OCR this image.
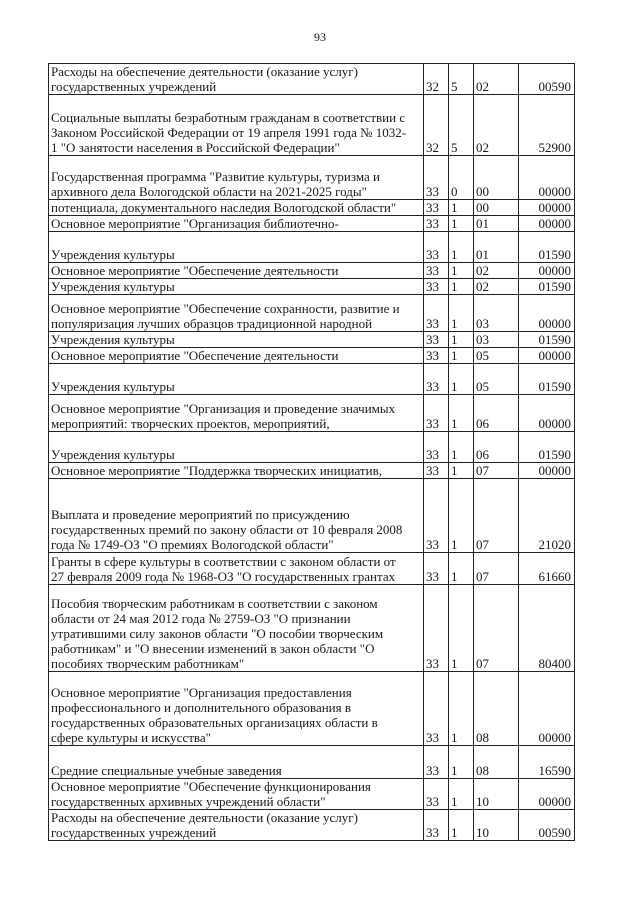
93
Расходы на обеспечение деятельности (оказание услуг)
государственных учреждений	32	5	02	00590

Социальные выплаты безработным гражданам в соответствии с
Законом Российской Федерации от 19 апреля 1991 года № 1032-
1 "О занятости населения в Российской Федерации"	32	5	02	52900
Государственная программа "Развитие культуры, туризма и
архивного дела Вологодской области на 2021-2025 годы"	33	0	00	00000
потенциала, документального наследия Вологодской области"	33	1	00	00000
Основное мероприятие "Организация библиотечно-	33	1	01	00000

Учреждения культуры	33	1	01	01590
Основное мероприятие "Обеспечение деятельности	33	1	02	00000
Учреждения культуры	33	1	02	01590
Основное мероприятие "Обеспечение сохранности, развитие и
популяризация лучших образцов традиционной народной	33	1	03	00000
Учреждения культуры	33	1	03	01590
Основное мероприятие "Обеспечение деятельности	33	1	05	00000

Учреждения культуры	33	1	05	01590
Основное мероприятие "Организация и проведение значимых
мероприятий: творческих проектов, мероприятий,	33	1	06	00000

Учреждения культуры	33	1	06	01590
Основное мероприятие "Поддержка творческих инициатив,	33	1	07	00000

Выплата и проведение мероприятий по присуждению
государственных премий по закону области от 10 февраля 2008
года № 1749-ОЗ "О премиях Вологодской области"	33	1	07	21020
Гранты в сфере культуры в соответствии с законом области от
27 февраля 2009 года № 1968-ОЗ "О государственных грантах	33	1	07	61660
Пособия творческим работникам в соответствии с законом
области от 24 мая 2012 года № 2759-ОЗ "О признании
утратившими силу законов области "О пособии творческим
работникам" и "О внесении изменений в закон области "О
пособиях творческим работникам"	33	1	07	80400
Основное мероприятие "Организация предоставления
профессионального и дополнительного образования в
государственных образовательных организациях области в
сфере культуры и искусства"	33	1	08	00000

Средние специальные учебные заведения	33	1	08	16590
Основное мероприятие "Обеспечение функционирования
государственных архивных учреждений области"	33	1	10	00000
Расходы на обеспечение деятельности (оказание услуг)
государственных учреждений	33	1	10	00590
